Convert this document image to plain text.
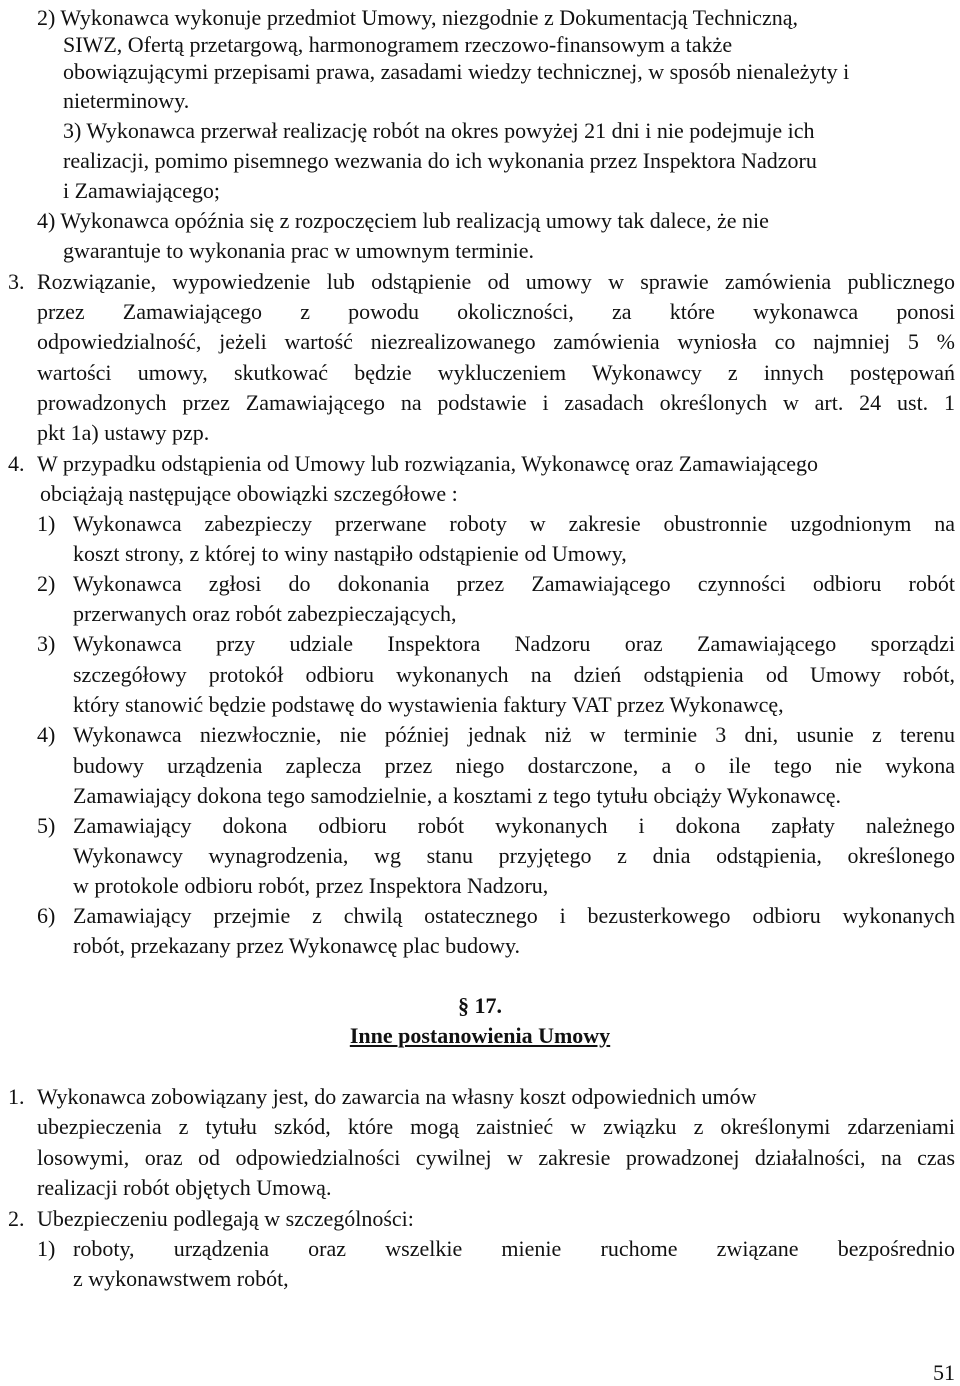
2) Wykonawca wykonuje przedmiot Umowy, niezgodnie z Dokumentacją Techniczną,
SIWZ, Ofertą przetargową, harmonogramem rzeczowo-finansowym a także
obowiązującymi przepisami prawa, zasadami wiedzy technicznej, w sposób nienależyty i
nieterminowy.
3) Wykonawca przerwał realizację robót na okres powyżej 21 dni i nie podejmuje ich
realizacji, pomimo pisemnego wezwania do ich wykonania przez Inspektora Nadzoru
i Zamawiającego;
4) Wykonawca opóźnia się z rozpoczęciem lub realizacją umowy tak dalece, że nie
gwarantuje to wykonania prac w umownym terminie.
3. Rozwiązanie, wypowiedzenie lub odstąpienie od umowy w sprawie zamówienia publicznego
przez Zamawiającego z powodu okoliczności, za które wykonawca ponosi
odpowiedzialność, jeżeli wartość niezrealizowanego zamówienia wyniosła co najmniej 5 %
wartości umowy, skutkować będzie wykluczeniem Wykonawcy z innych postępowań
prowadzonych przez Zamawiającego na podstawie i zasadach określonych w art. 24 ust. 1
pkt 1a) ustawy pzp.
4. W przypadku odstąpienia od Umowy lub rozwiązania, Wykonawcę oraz Zamawiającego
obciążają następujące obowiązki szczegółowe :
1) Wykonawca zabezpieczy przerwane roboty w zakresie obustronnie uzgodnionym na
koszt strony, z której to winy nastąpiło odstąpienie od Umowy,
2) Wykonawca zgłosi do dokonania przez Zamawiającego czynności odbioru robót
przerwanych oraz robót zabezpieczających,
3) Wykonawca przy udziale Inspektora Nadzoru oraz Zamawiającego sporządzi
szczegółowy protokół odbioru wykonanych na dzień odstąpienia od Umowy robót,
który stanowić będzie podstawę do wystawienia faktury VAT przez Wykonawcę,
4) Wykonawca niezwłocznie, nie później jednak niż w terminie 3 dni, usunie z terenu
budowy urządzenia zaplecza przez niego dostarczone, a o ile tego nie wykona
Zamawiający dokona tego samodzielnie, a kosztami z tego tytułu obciąży Wykonawcę.
5) Zamawiający dokona odbioru robót wykonanych i dokona zapłaty należnego
Wykonawcy wynagrodzenia, wg stanu przyjętego z dnia odstąpienia, określonego
w protokole odbioru robót, przez Inspektora Nadzoru,
6) Zamawiający przejmie z chwilą ostatecznego i bezusterkowego odbioru wykonanych
robót, przekazany przez Wykonawcę plac budowy.
§ 17.
Inne postanowienia Umowy
1. Wykonawca zobowiązany jest, do zawarcia na własny koszt odpowiednich umów
ubezpieczenia z tytułu szkód, które mogą zaistnieć w związku z określonymi zdarzeniami
losowymi, oraz od odpowiedzialności cywilnej w zakresie prowadzonej działalności, na czas
realizacji robót objętych Umową.
2. Ubezpieczeniu podlegają w szczególności:
1) roboty, urządzenia oraz wszelkie mienie ruchome związane bezpośrednio
z wykonawstwem robót,
51
